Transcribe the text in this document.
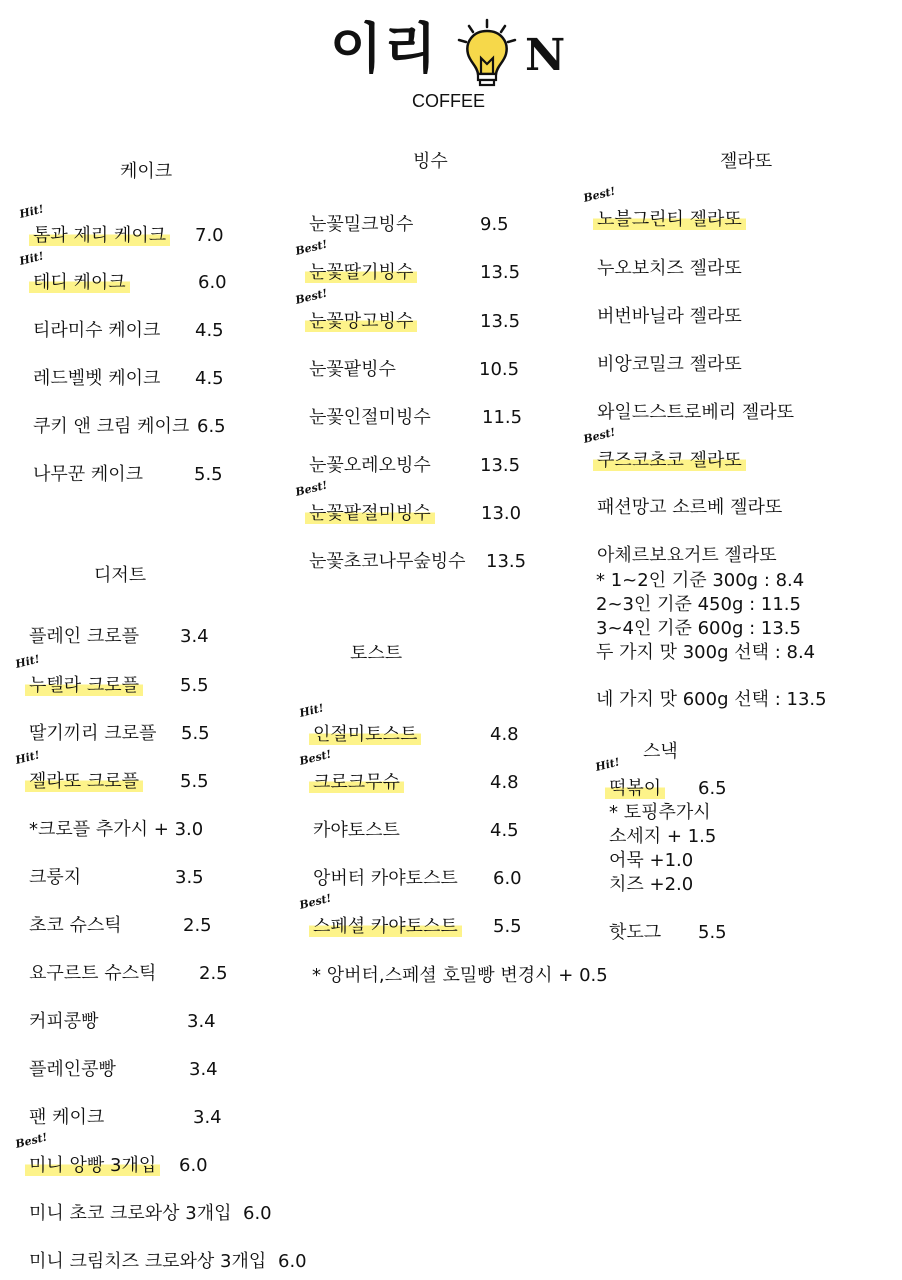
이리 N
COFFEE
케이크	빙수	젤라또
디저트
토스트
스낵
Hit!
톰과 제리 케이크 7.0
Hit!
테디 케이크	6.0
티라미수 케이크 4.5
레드벨벳 케이크 4.5
쿠키 앤 크림 케이크 6.5
나무꾼 케이크	5.5
플레인 크로플 3.4
Hit!
누텔라 크로플 5.5
딸기끼리 크로플 5.5
Hit!
젤라또 크로플 5.5
*크로플 추가시 + 3.0
크룽지	3.5
초코 슈스틱	2.5
요구르트 슈스틱 2.5
커피콩빵	3.4
플레인콩빵	3.4
팬 케이크	3.4
Best!
미니 앙빵 3개입 6.0
미니 초코 크로와상 3개입 6.0
미니 크림치즈 크로와상 3개입 6.0
눈꽃밀크빙수	9.5
Best!
눈꽃딸기빙수	13.5
Best!
눈꽃망고빙수	13.5
눈꽃팥빙수	10.5
눈꽃인절미빙수	11.5
눈꽃오레오빙수	13.5
Best!
눈꽃팥절미빙수	13.0
눈꽃초코나무숲빙수 13.5
Hit!
인절미토스트	4.8
Best!
크로크무슈	4.8
카야토스트	4.5
앙버터 카야토스트 6.0
Best!
스페셜 카야토스트 5.5
Best!
노블그린티 젤라또
누오보치즈 젤라또
버번바닐라 젤라또
비앙코밀크 젤라또
와일드스트로베리 젤라또
Best!
쿠즈코초코 젤라또
패션망고 소르베 젤라또
아체르보요거트 젤라또
* 앙버터,스페셜 호밀빵 변경시 + 0.5
* 1~2인 기준 300g : 8.4
2~3인 기준 450g : 11.5
3~4인 기준 600g : 13.5
두 가지 맛 300g 선택 : 8.4
네 가지 맛 600g 선택 : 13.5
Hit!
떡볶이 6.5
* 토핑추가시
소세지 + 1.5
어묵 +1.0
치즈 +2.0
핫도그 5.5
